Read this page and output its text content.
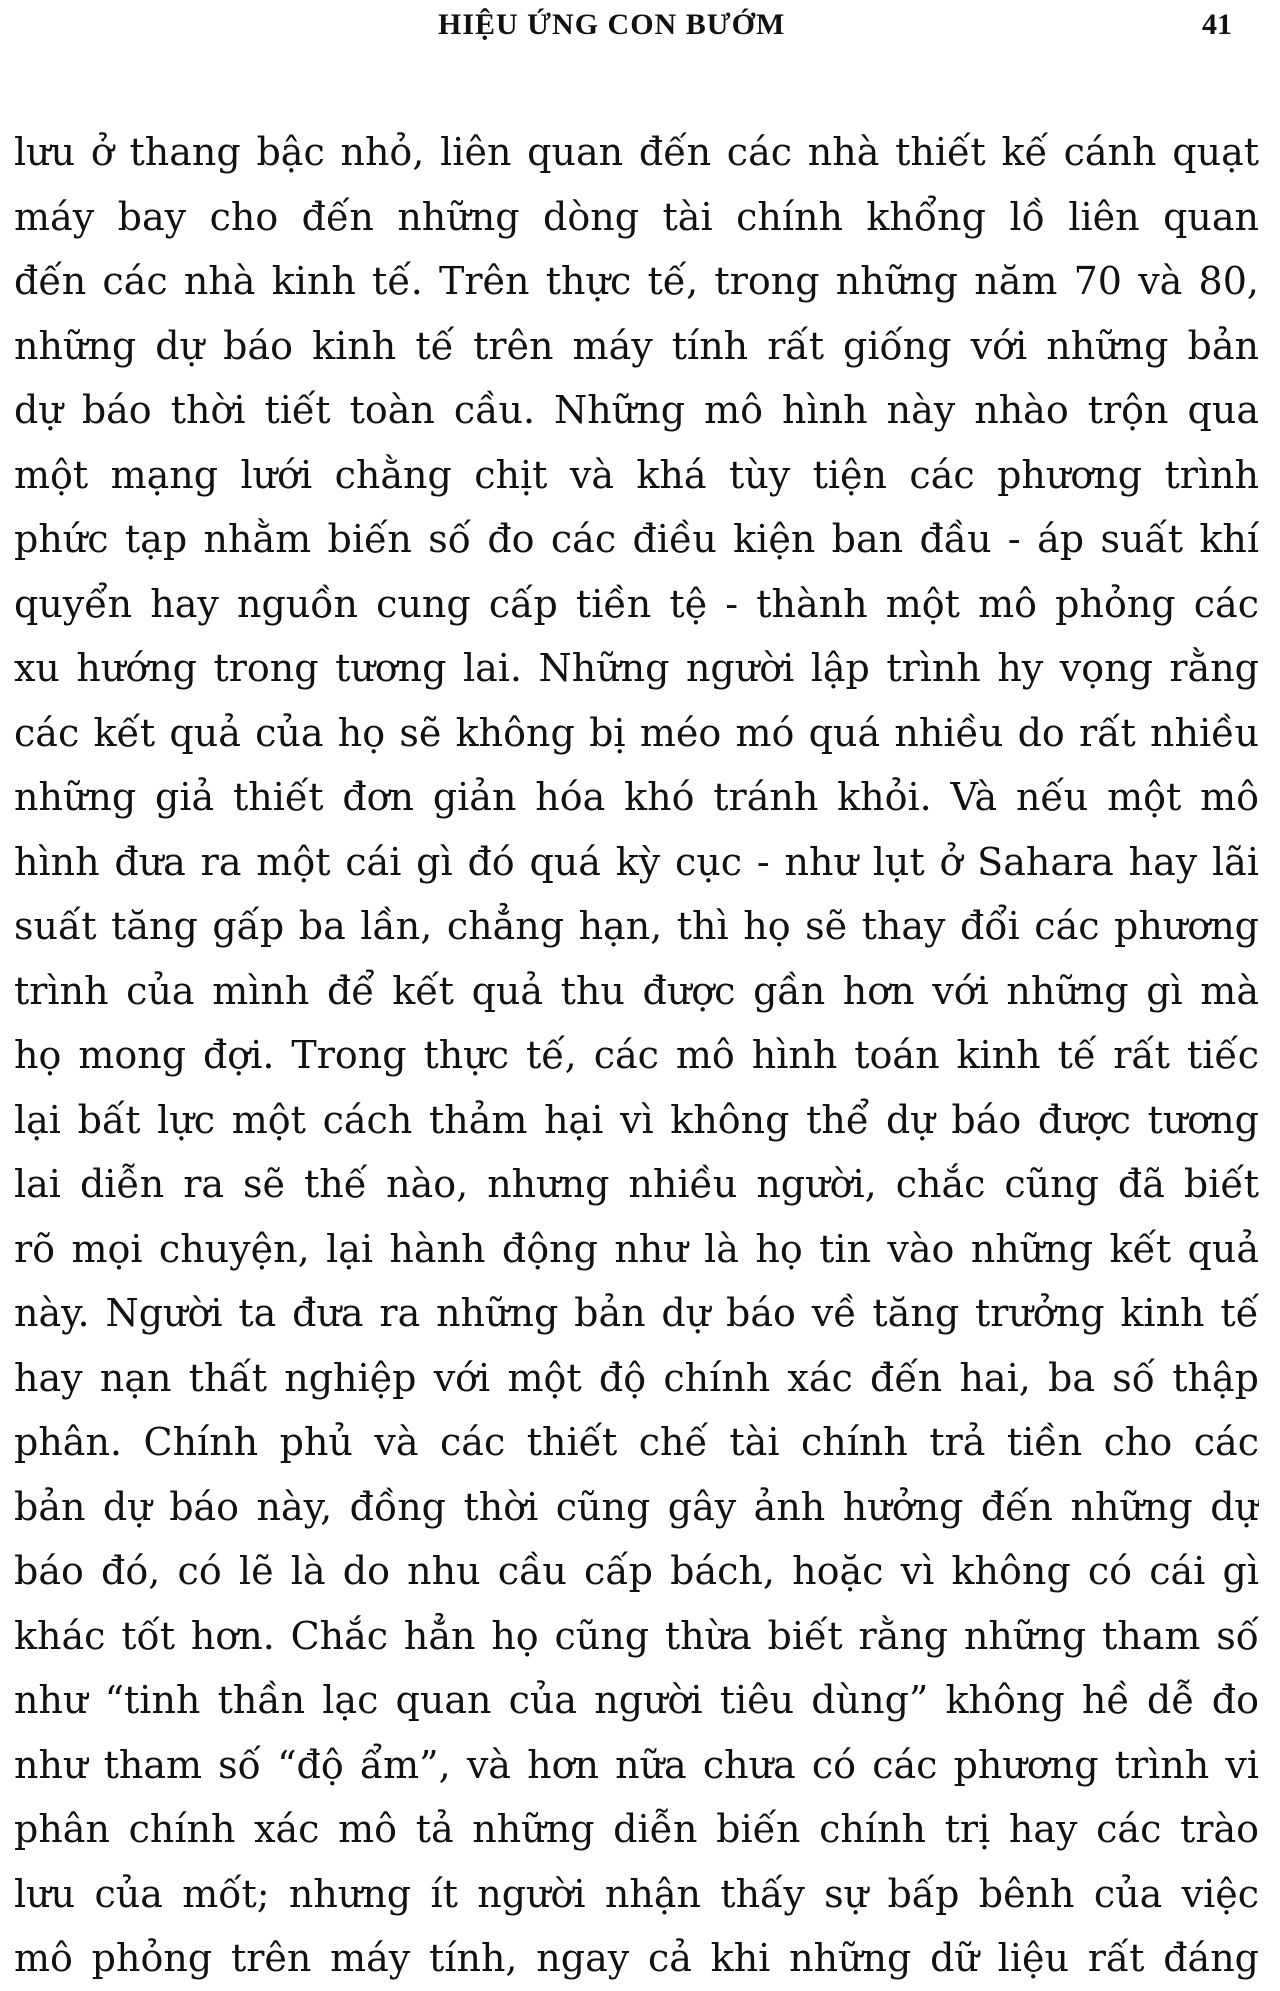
HIỆU ỨNG CON BƯỚM	41
lưu ở thang bậc nhỏ, liên quan đến các nhà thiết kế cánh quạt
máy bay cho đến những dòng tài chính khổng lồ liên quan
đến các nhà kinh tế. Trên thực tế, trong những năm 70 và 80,
những dự báo kinh tế trên máy tính rất giống với những bản
dự báo thời tiết toàn cầu. Những mô hình này nhào trộn qua
một mạng lưới chằng chịt và khá tùy tiện các phương trình
phức tạp nhằm biến số đo các điều kiện ban đầu - áp suất khí
quyển hay nguồn cung cấp tiền tệ - thành một mô phỏng các
xu hướng trong tương lai. Những người lập trình hy vọng rằng
các kết quả của họ sẽ không bị méo mó quá nhiều do rất nhiều
những giả thiết đơn giản hóa khó tránh khỏi. Và nếu một mô
hình đưa ra một cái gì đó quá kỳ cục - như lụt ở Sahara hay lãi
suất tăng gấp ba lần, chẳng hạn, thì họ sẽ thay đổi các phương
trình của mình để kết quả thu được gần hơn với những gì mà
họ mong đợi. Trong thực tế, các mô hình toán kinh tế rất tiếc
lại bất lực một cách thảm hại vì không thể dự báo được tương
lai diễn ra sẽ thế nào, nhưng nhiều người, chắc cũng đã biết
rõ mọi chuyện, lại hành động như là họ tin vào những kết quả
này. Người ta đưa ra những bản dự báo về tăng trưởng kinh tế
hay nạn thất nghiệp với một độ chính xác đến hai, ba số thập
phân. Chính phủ và các thiết chế tài chính trả tiền cho các
bản dự báo này, đồng thời cũng gây ảnh hưởng đến những dự
báo đó, có lẽ là do nhu cầu cấp bách, hoặc vì không có cái gì
khác tốt hơn. Chắc hẳn họ cũng thừa biết rằng những tham số
như “tinh thần lạc quan của người tiêu dùng” không hề dễ đo
như tham số “độ ẩm”, và hơn nữa chưa có các phương trình vi
phân chính xác mô tả những diễn biến chính trị hay các trào
lưu của mốt; nhưng ít người nhận thấy sự bấp bênh của việc
mô phỏng trên máy tính, ngay cả khi những dữ liệu rất đáng
